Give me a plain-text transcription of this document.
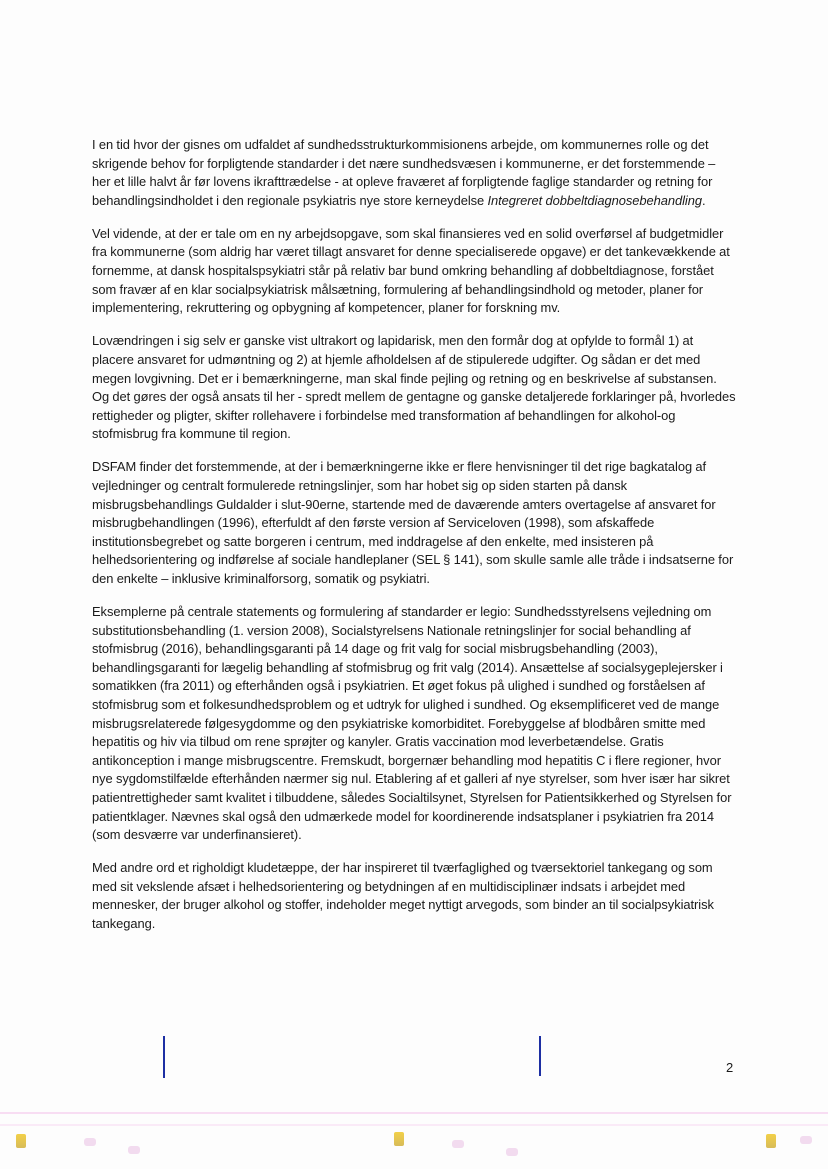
I en tid hvor der gisnes om udfaldet af sundhedsstrukturkommisionens arbejde, om kommunernes rolle og det skrigende behov for forpligtende standarder i det nære sundhedsvæsen i kommunerne, er det forstemmende – her et lille halvt år før lovens ikrafttrædelse - at opleve fraværet af forpligtende faglige standarder og retning for behandlingsindholdet i den regionale psykiatris nye store kerneydelse Integreret dobbeltdiagnosebehandling.

Vel vidende, at der er tale om en ny arbejdsopgave, som skal finansieres ved en solid overførsel af budgetmidler fra kommunerne (som aldrig har været tillagt ansvaret for denne specialiserede opgave) er det tankevækkende at fornemme, at dansk hospitalspsykiatri står på relativ bar bund omkring behandling af dobbeltdiagnose, forstået som fravær af en klar socialpsykiatrisk målsætning, formulering af behandlingsindhold og metoder, planer for implementering, rekruttering og opbygning af kompetencer, planer for forskning mv.

Lovændringen i sig selv er ganske vist ultrakort og lapidarisk, men den formår dog at opfylde to formål 1) at placere ansvaret for udmøntning og 2) at hjemle afholdelsen af de stipulerede udgifter. Og sådan er det med megen lovgivning. Det er i bemærkningerne, man skal finde pejling og retning og en beskrivelse af substansen. Og det gøres der også ansats til her - spredt mellem de gentagne og ganske detaljerede forklaringer på, hvorledes rettigheder og pligter, skifter rollehavere i forbindelse med transformation af behandlingen for alkohol-og stofmisbrug fra kommune til region.

DSFAM finder det forstemmende, at der i bemærkningerne ikke er flere henvisninger til det rige bagkatalog af vejledninger og centralt formulerede retningslinjer, som har hobet sig op siden starten på dansk misbrugsbehandlings Guldalder i slut-90erne, startende med de daværende amters overtagelse af ansvaret for misbrugbehandlingen (1996), efterfuldt af den første version af Serviceloven (1998), som afskaffede institutionsbegrebet og satte borgeren i centrum, med inddragelse af den enkelte, med insisteren på helhedsorientering og indførelse af sociale handleplaner (SEL § 141), som skulle samle alle tråde i indsatserne for den enkelte – inklusive kriminalforsorg, somatik og psykiatri.

Eksemplerne på centrale statements og formulering af standarder er legio: Sundhedsstyrelsens vejledning om substitutionsbehandling (1. version 2008), Socialstyrelsens Nationale retningslinjer for social behandling af stofmisbrug (2016), behandlingsgaranti på 14 dage og frit valg for social misbrugsbehandling (2003), behandlingsgaranti for lægelig behandling af stofmisbrug og frit valg (2014). Ansættelse af socialsygeplejersker i somatikken (fra 2011) og efterhånden også i psykiatrien. Et øget fokus på ulighed i sundhed og forståelsen af stofmisbrug som et folkesundhedsproblem og et udtryk for ulighed i sundhed. Og eksemplificeret ved de mange misbrugsrelaterede følgesygdomme og den psykiatriske komorbiditet. Forebyggelse af blodbåren smitte med hepatitis og hiv via tilbud om rene sprøjter og kanyler. Gratis vaccination mod leverbetændelse. Gratis antikonception i mange misbrugscentre. Fremskudt, borgernær behandling mod hepatitis C i flere regioner, hvor nye sygdomstilfælde efterhånden nærmer sig nul. Etablering af et galleri af nye styrelser, som hver især har sikret patientrettigheder samt kvalitet i tilbuddene, således Socialtilsynet, Styrelsen for Patientsikkerhed og Styrelsen for patientklager. Nævnes skal også den udmærkede model for koordinerende indsatsplaner i psykiatrien fra 2014 (som desværre var underfinansieret).

Med andre ord et righoldigt kludetæppe, der har inspireret til tværfaglighed og tværsektoriel tankegang og som med sit vekslende afsæt i helhedsorientering og betydningen af en multidisciplinær indsats i arbejdet med mennesker, der bruger alkohol og stoffer, indeholder meget nyttigt arvegods, som binder an til socialpsykiatrisk tankegang.

2
